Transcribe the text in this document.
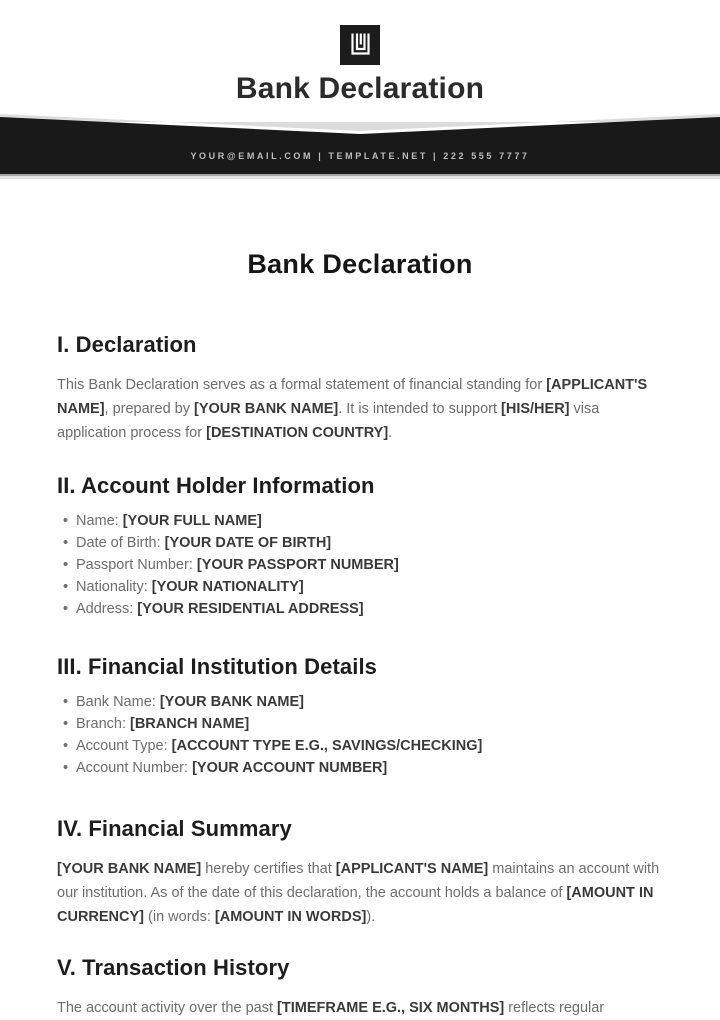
Bank Declaration
YOUR@EMAIL.COM | TEMPLATE.NET | 222 555 7777
Bank Declaration
I. Declaration

This Bank Declaration serves as a formal statement of financial standing for [APPLICANT'S NAME], prepared by [YOUR BANK NAME]. It is intended to support [HIS/HER] visa application process for [DESTINATION COUNTRY].

II. Account Holder Information
• Name: [YOUR FULL NAME]
• Date of Birth: [YOUR DATE OF BIRTH]
• Passport Number: [YOUR PASSPORT NUMBER]
• Nationality: [YOUR NATIONALITY]
• Address: [YOUR RESIDENTIAL ADDRESS]
III. Financial Institution Details
• Bank Name: [YOUR BANK NAME]
• Branch: [BRANCH NAME]
• Account Type: [ACCOUNT TYPE E.G., SAVINGS/CHECKING]
• Account Number: [YOUR ACCOUNT NUMBER]
IV. Financial Summary

[YOUR BANK NAME] hereby certifies that [APPLICANT'S NAME] maintains an account with our institution. As of the date of this declaration, the account holds a balance of [AMOUNT IN CURRENCY] (in words: [AMOUNT IN WORDS]).

V. Transaction History

The account activity over the past [TIMEFRAME E.G., SIX MONTHS] reflects regular
